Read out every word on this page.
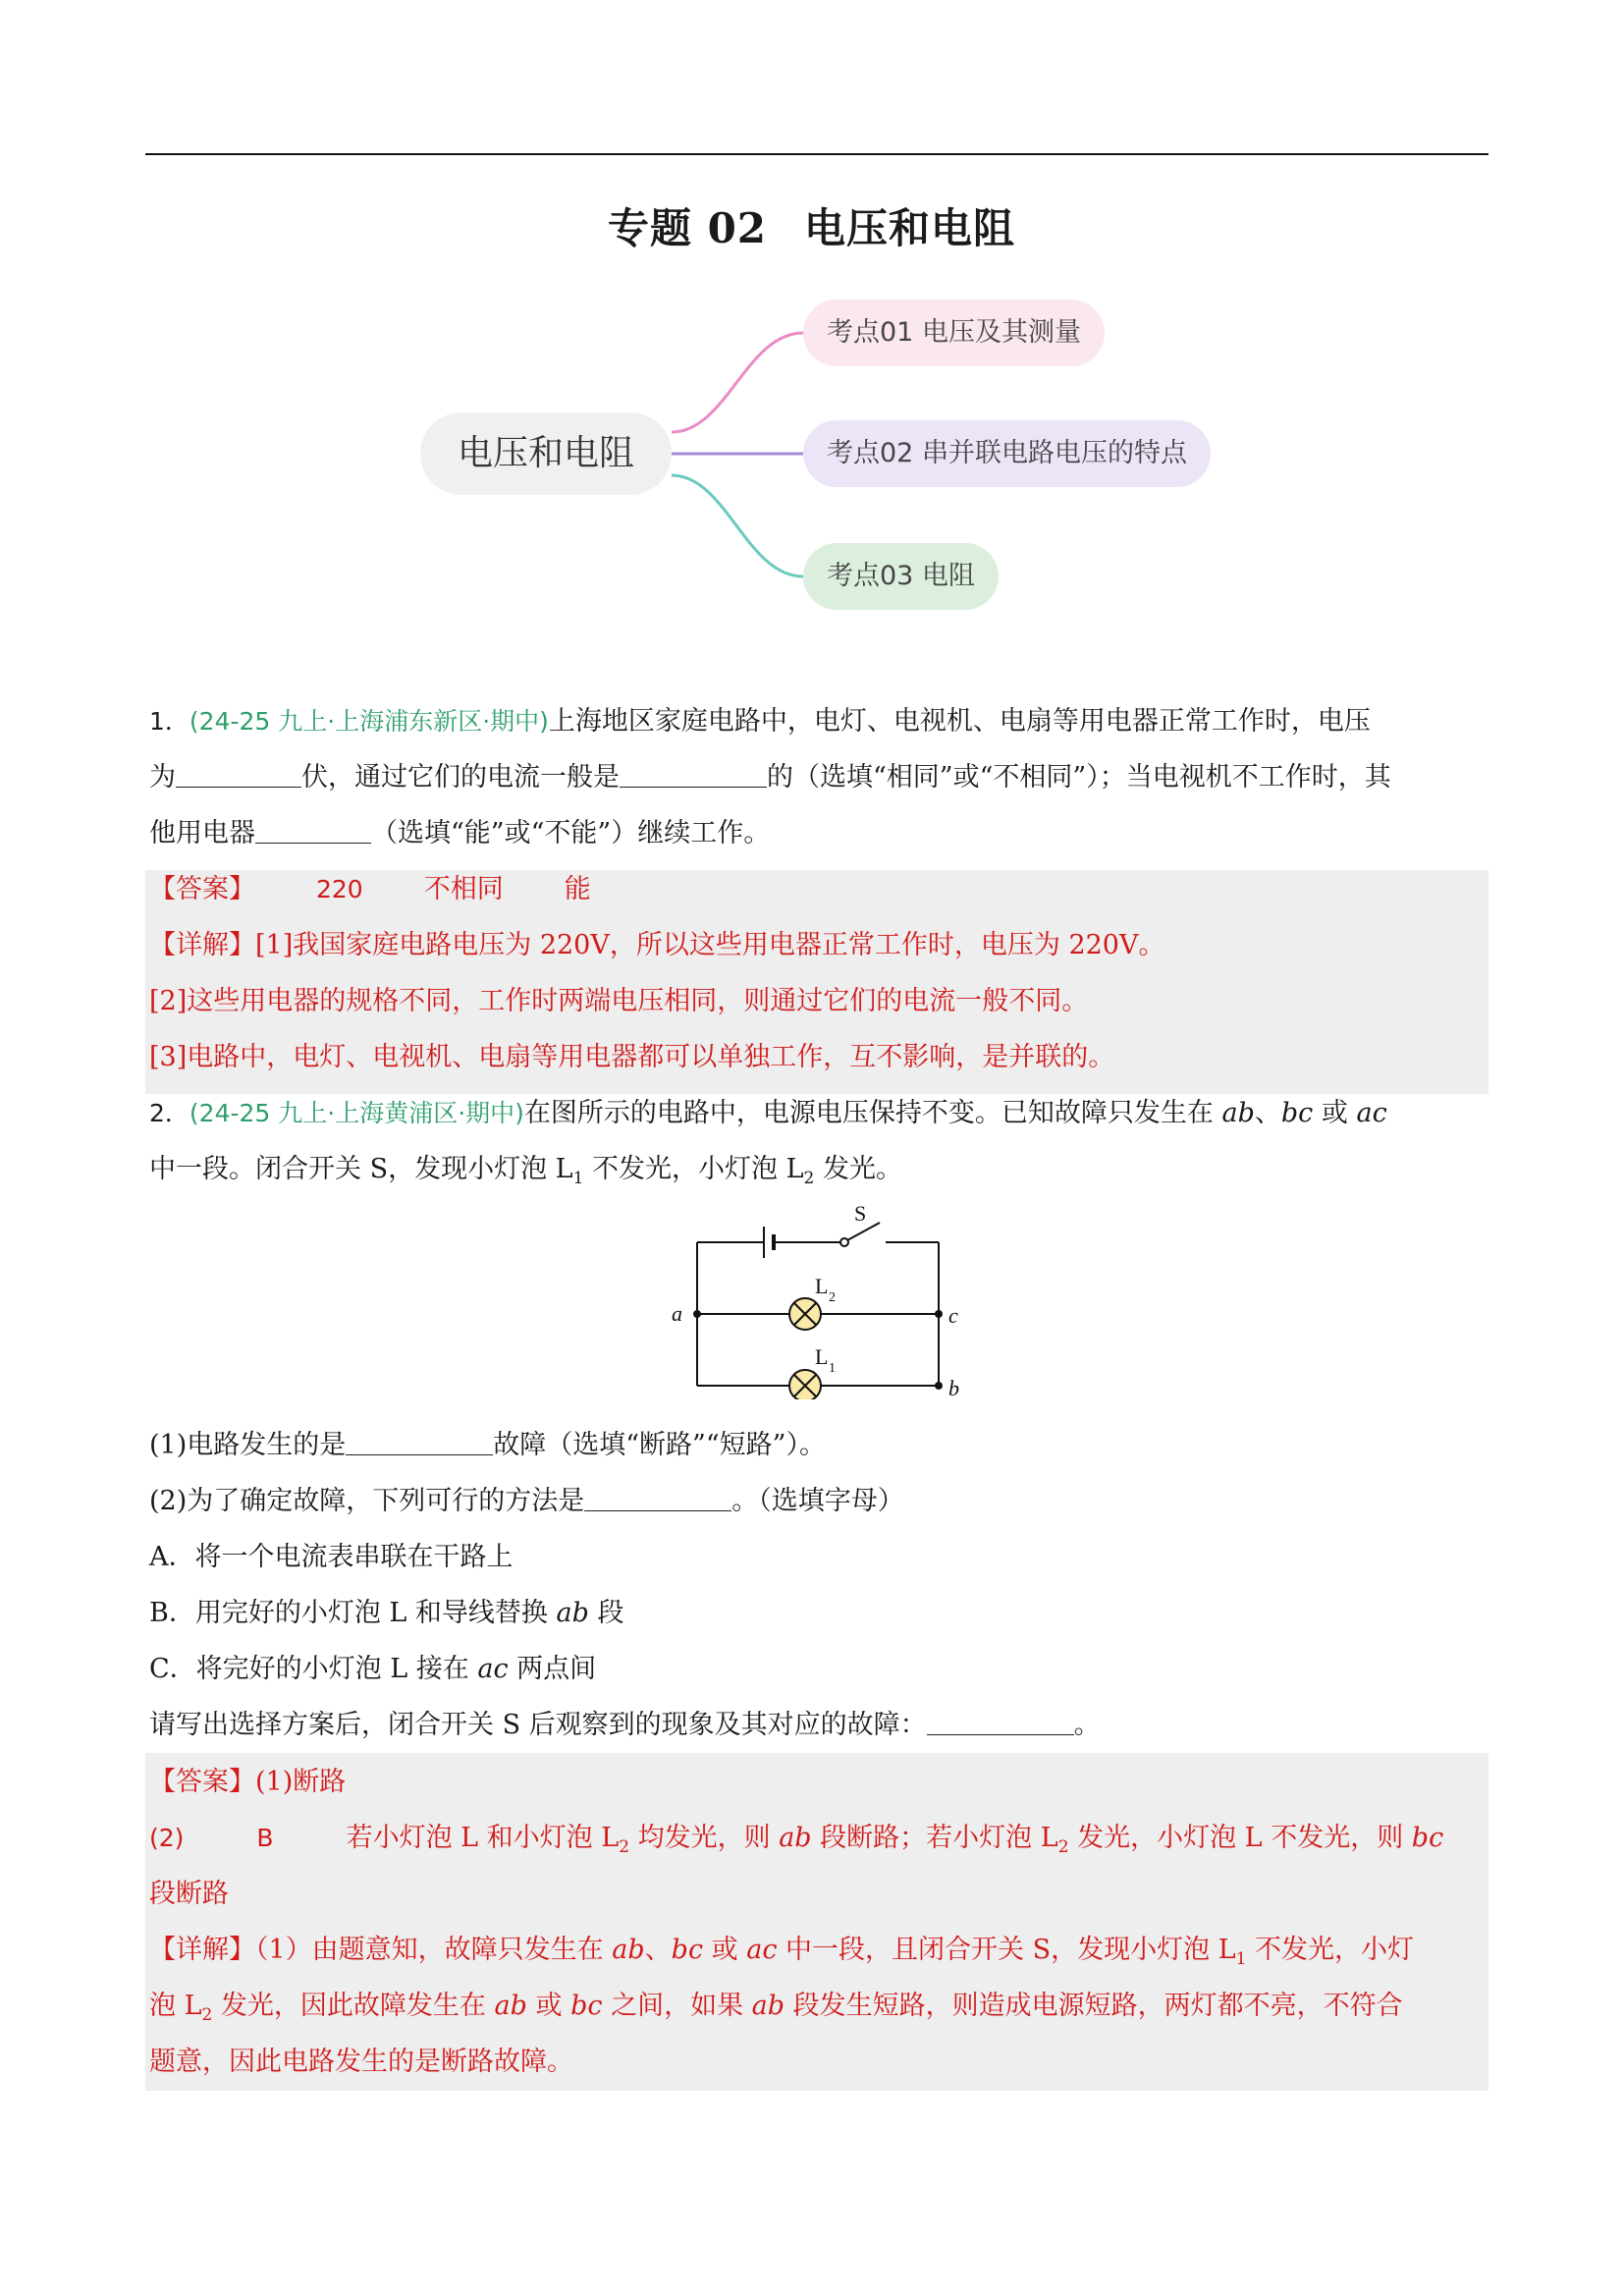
专题 02 电压和电阻
电压和电阻
考点01 电压及其测量
考点02 串并联电路电压的特点
考点03 电阻
1．(24-25 九上·上海浦东新区·期中)上海地区家庭电路中，电灯、电视机、电扇等用电器正常工作时，电压
为	伏，通过它们的电流一般是	的（选填“相同”或“不相同”）；当电视机不工作时，其
他用电器	（选填“能”或“不能”）继续工作。
【答案】 220 不相同 能
【详解】[1]我国家庭电路电压为 220V，所以这些用电器正常工作时，电压为 220V。
[2]这些用电器的规格不同，工作时两端电压相同，则通过它们的电流一般不同。
[3]电路中，电灯、电视机、电扇等用电器都可以单独工作，互不影响，是并联的。
2．(24-25 九上·上海黄浦区·期中)在图所示的电路中，电源电压保持不变。已知故障只发生在 ab、bc 或 ac
中一段。闭合开关 S，发现小灯泡 $L_1$ 不发光，小灯泡 $L_2$ 发光。
S
L 2
L 1
a	c
b
(1)电路发生的是	故障（选填“断路”“短路”）。
(2)为了确定故障，下列可行的方法是	。（选填字母）
A．将一个电流表串联在干路上
B．用完好的小灯泡 L 和导线替换 ab 段
C．将完好的小灯泡 L 接在 ac 两点间
请写出选择方案后，闭合开关 S 后观察到的现象及其对应的故障：	。
【答案】(1)断路
(2)	B	若小灯泡 L 和小灯泡 $L_2$ 均发光，则 ab 段断路；若小灯泡 $L_2$ 发光，小灯泡 L 不发光，则 bc
段断路
【详解】（1）由题意知，故障只发生在 ab、bc 或 ac 中一段，且闭合开关 S，发现小灯泡 $L_1$ 不发光，小灯
泡 $L_2$ 发光，因此故障发生在 ab 或 bc 之间，如果 ab 段发生短路，则造成电源短路，两灯都不亮，不符合
题意，因此电路发生的是断路故障。
